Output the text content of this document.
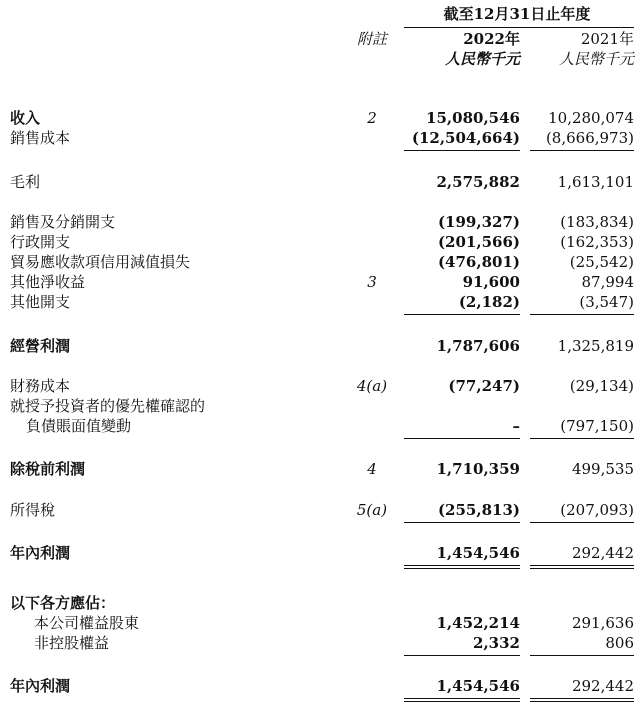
截至12月31日止年度
附註	2022年	2021年
人民幣千元	人民幣千元
收入	2	15,080,546	10,280,074
銷售成本	(12,504,664)	(8,666,973)
毛利	2,575,882	1,613,101
銷售及分銷開支	(199,327)	(183,834)
行政開支	(201,566)	(162,353)
貿易應收款項信用減值損失	(476,801)	(25,542)
其他淨收益	3	91,600	87,994
其他開支	(2,182)	(3,547)
經營利潤	1,787,606	1,325,819
財務成本	4(a)	(77,247)	(29,134)
就授予投資者的優先權確認的
負債賬面值變動	–	(797,150)
除稅前利潤	4	1,710,359	499,535
所得稅	5(a)	(255,813)	(207,093)
年內利潤	1,454,546	292,442
以下各方應佔：
本公司權益股東	1,452,214	291,636
非控股權益	2,332	806
年內利潤	1,454,546	292,442
